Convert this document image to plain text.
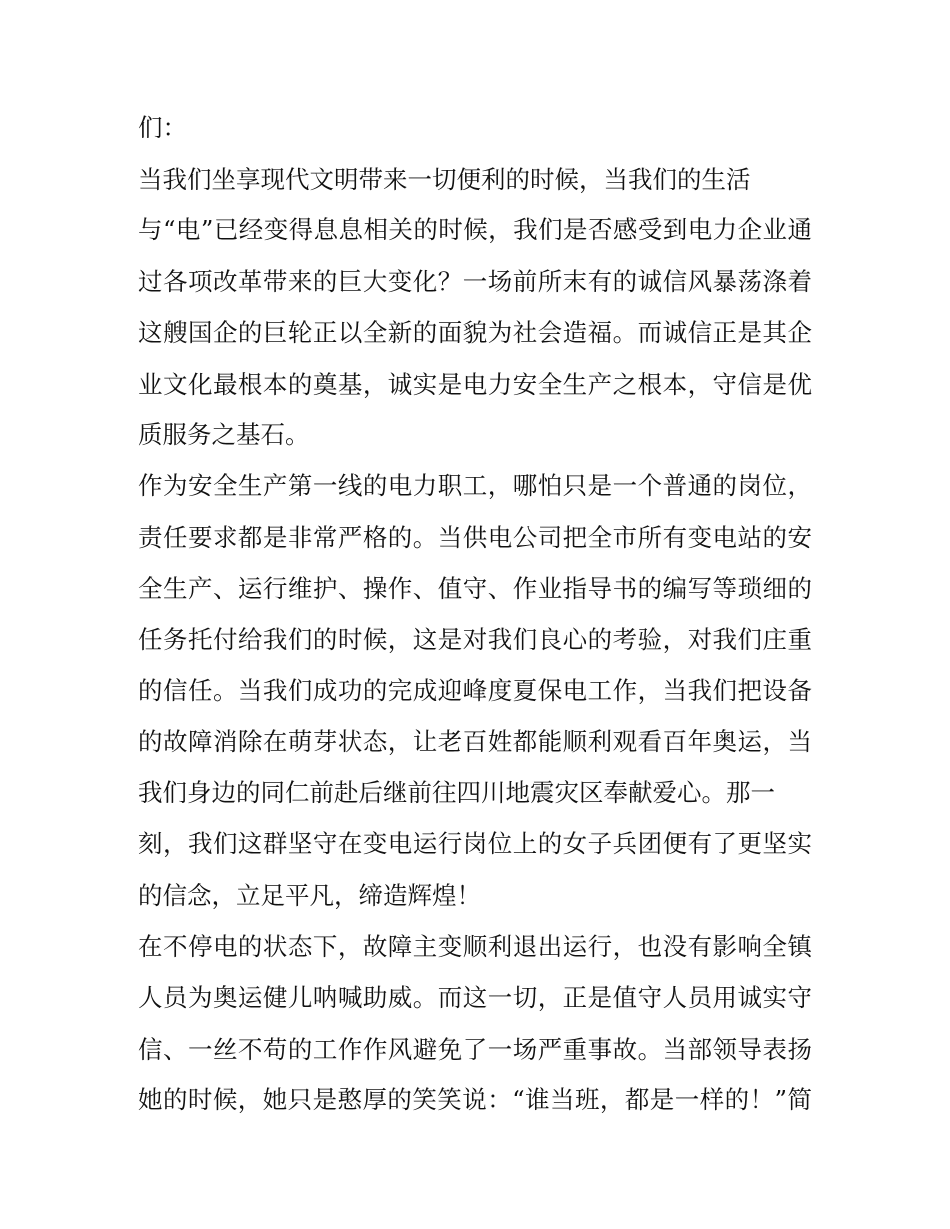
们：
当我们坐享现代文明带来一切便利的时候，当我们的生活
与“电”已经变得息息相关的时候，我们是否感受到电力企业通
过各项改革带来的巨大变化？一场前所末有的诚信风暴荡涤着
这艘国企的巨轮正以全新的面貌为社会造福。而诚信正是其企
业文化最根本的奠基，诚实是电力安全生产之根本，守信是优
质服务之基石。
作为安全生产第一线的电力职工，哪怕只是一个普通的岗位，
责任要求都是非常严格的。当供电公司把全市所有变电站的安
全生产、运行维护、操作、值守、作业指导书的编写等琐细的
任务托付给我们的时候，这是对我们良心的考验，对我们庄重
的信任。当我们成功的完成迎峰度夏保电工作，当我们把设备
的故障消除在萌芽状态，让老百姓都能顺利观看百年奥运，当
我们身边的同仁前赴后继前往四川地震灾区奉献爱心。那一
刻，我们这群坚守在变电运行岗位上的女子兵团便有了更坚实
的信念，立足平凡，缔造辉煌！
在不停电的状态下，故障主变顺利退出运行，也没有影响全镇
人员为奥运健儿呐喊助威。而这一切，正是值守人员用诚实守
信、一丝不苟的工作作风避免了一场严重事故。当部领导表扬
她的时候，她只是憨厚的笑笑说：“谁当班，都是一样的！”简
